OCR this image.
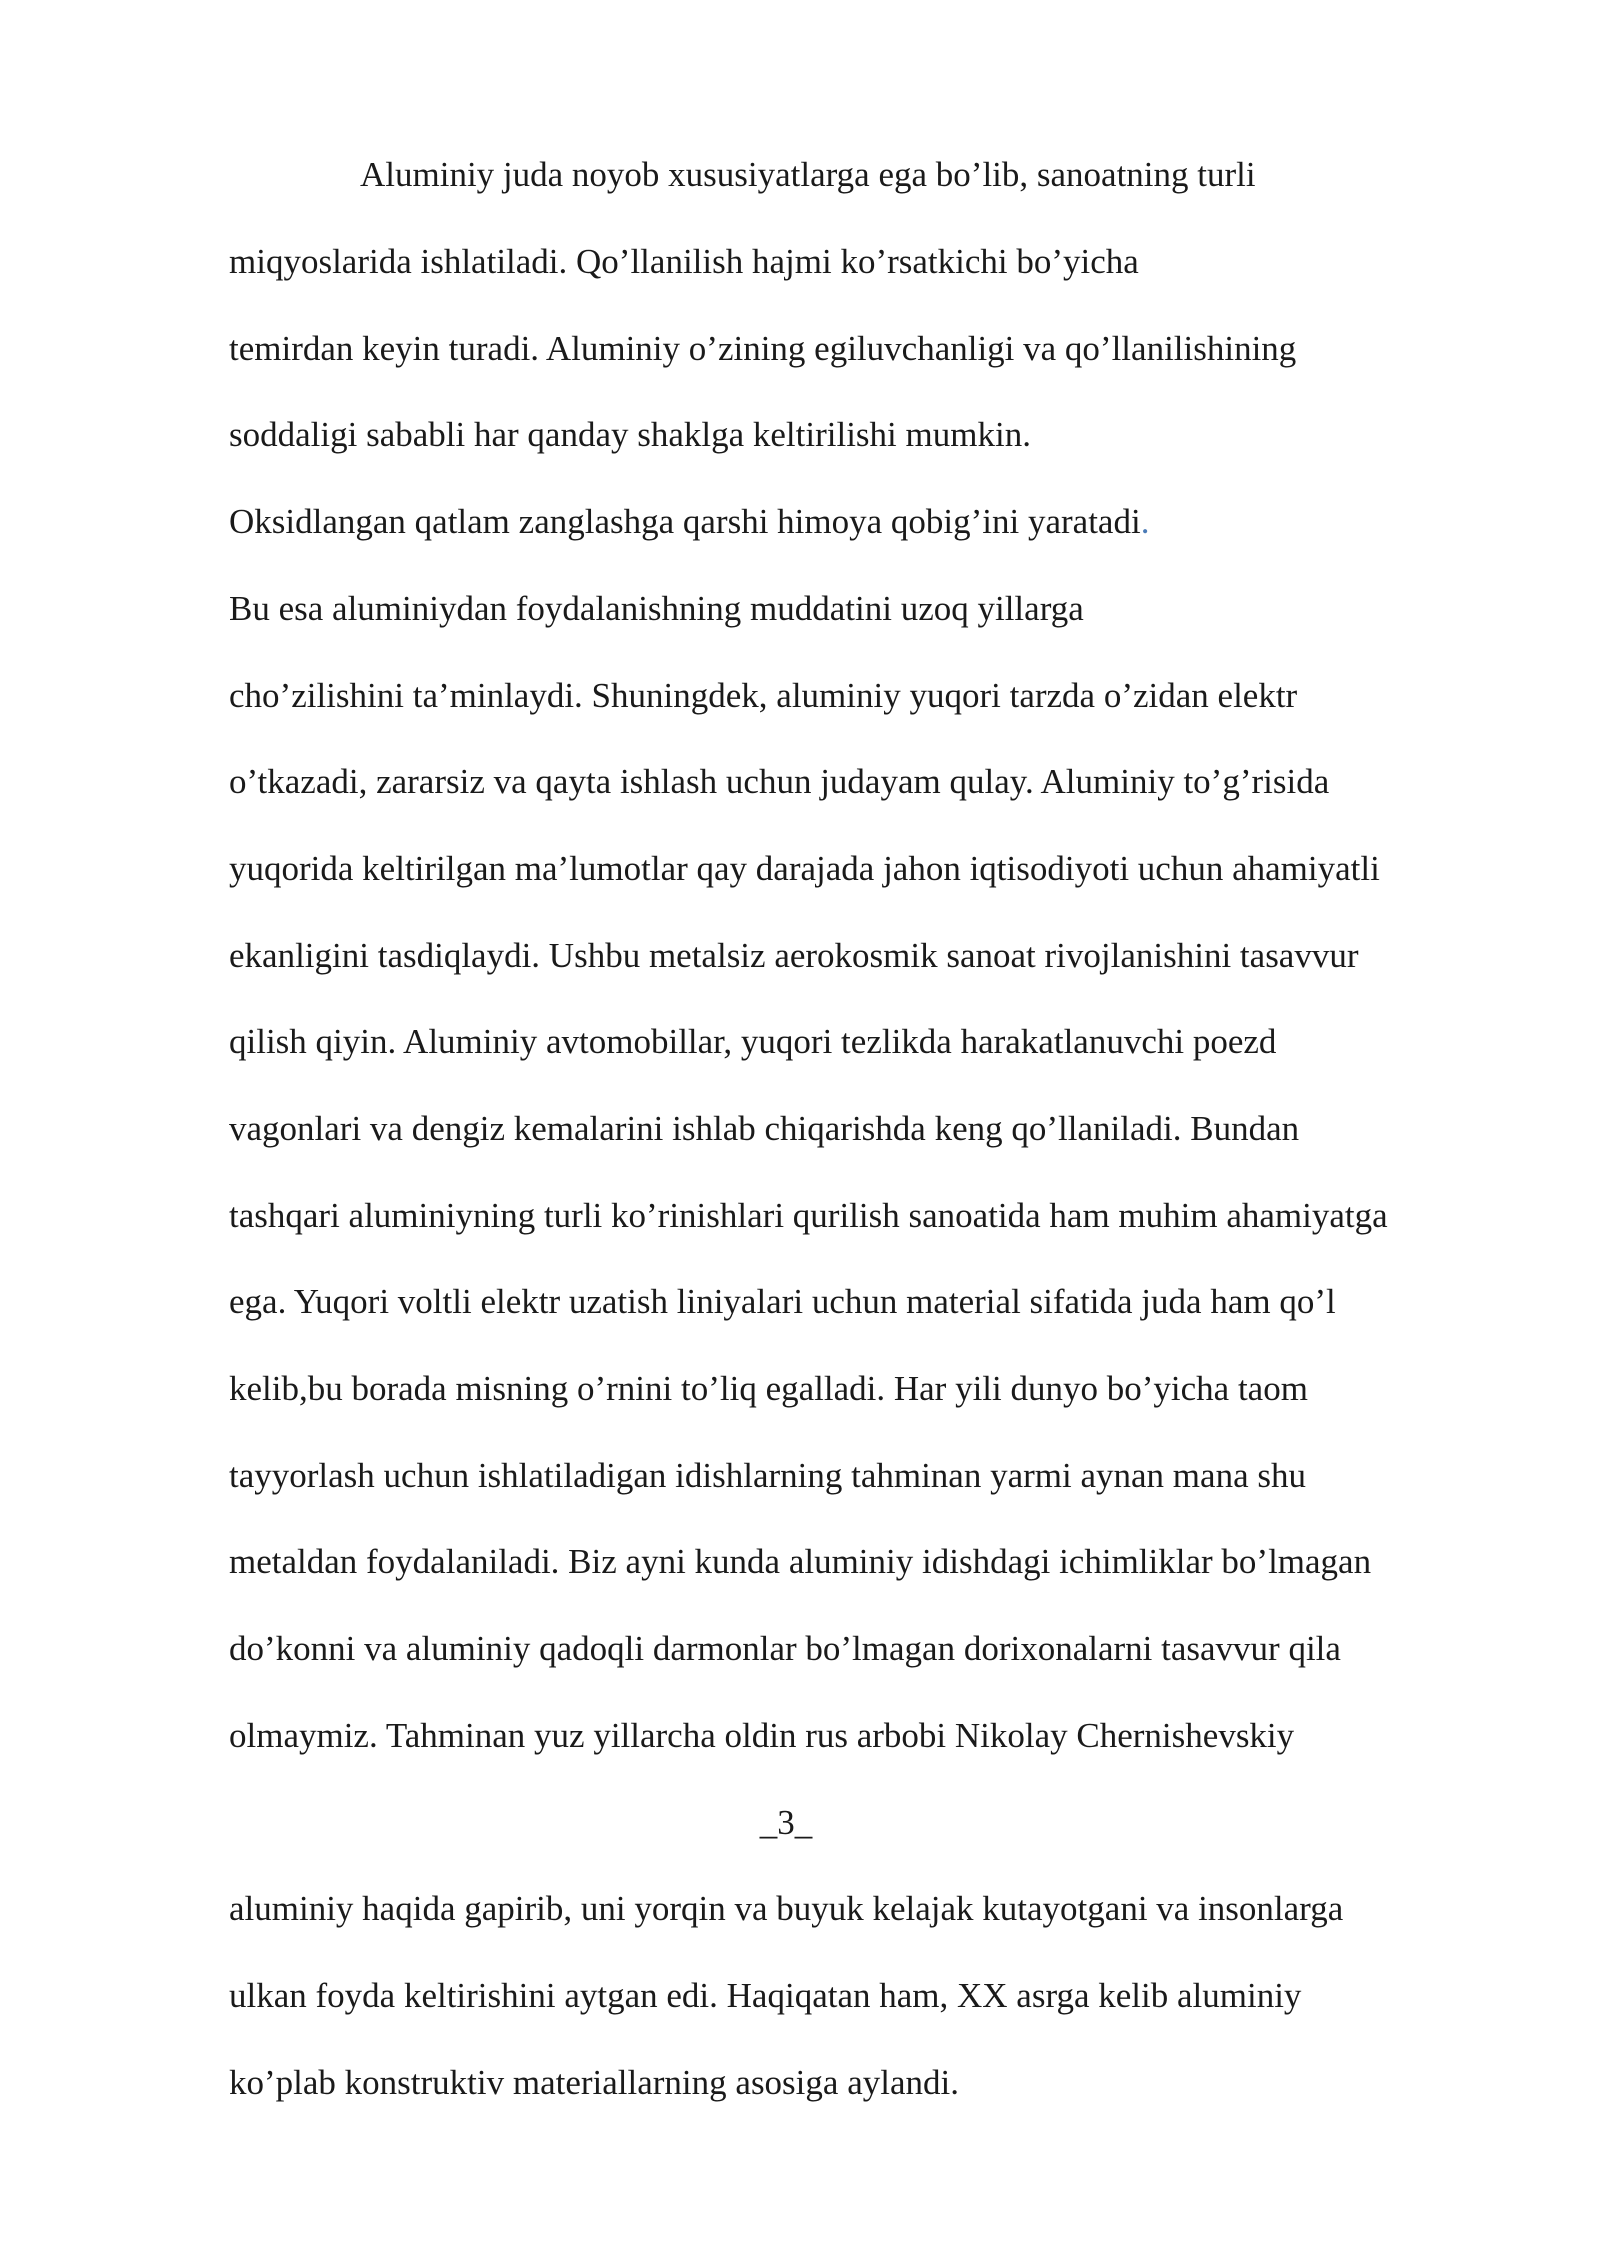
Aluminiy juda noyob xususiyatlarga ega bo’lib, sanoatning turli
miqyoslarida ishlatiladi. Qo’llanilish hajmi ko’rsatkichi bo’yicha
temirdan keyin turadi. Aluminiy o’zining egiluvchanligi va qo’llanilishining
soddaligi sababli har qanday shaklga keltirilishi mumkin.
Oksidlangan qatlam zanglashga qarshi himoya qobig’ini yaratadi.
Bu esa aluminiydan foydalanishning muddatini uzoq yillarga
cho’zilishini ta’minlaydi. Shuningdek, aluminiy yuqori tarzda o’zidan elektr
o’tkazadi, zararsiz va qayta ishlash uchun judayam qulay. Aluminiy to’g’risida
yuqorida keltirilgan ma’lumotlar qay darajada jahon iqtisodiyoti uchun ahamiyatli
ekanligini tasdiqlaydi. Ushbu metalsiz aerokosmik sanoat rivojlanishini tasavvur
qilish qiyin. Aluminiy avtomobillar, yuqori tezlikda harakatlanuvchi poezd
vagonlari va dengiz kemalarini ishlab chiqarishda keng qo’llaniladi. Bundan
tashqari aluminiyning turli ko’rinishlari qurilish sanoatida ham muhim ahamiyatga
ega. Yuqori voltli elektr uzatish liniyalari uchun material sifatida juda ham qo’l
kelib,bu borada misning o’rnini to’liq egalladi. Har yili dunyo bo’yicha taom
tayyorlash uchun ishlatiladigan idishlarning tahminan yarmi aynan mana shu
metaldan foydalaniladi. Biz ayni kunda aluminiy idishdagi ichimliklar bo’lmagan
do’konni va aluminiy qadoqli darmonlar bo’lmagan dorixonalarni tasavvur qila
olmaymiz. Tahminan yuz yillarcha oldin rus arbobi Nikolay Chernishevskiy
_3_
aluminiy haqida gapirib, uni yorqin va buyuk kelajak kutayotgani va insonlarga
ulkan foyda keltirishini aytgan edi. Haqiqatan ham, XX asrga kelib aluminiy
ko’plab konstruktiv materiallarning asosiga aylandi.
